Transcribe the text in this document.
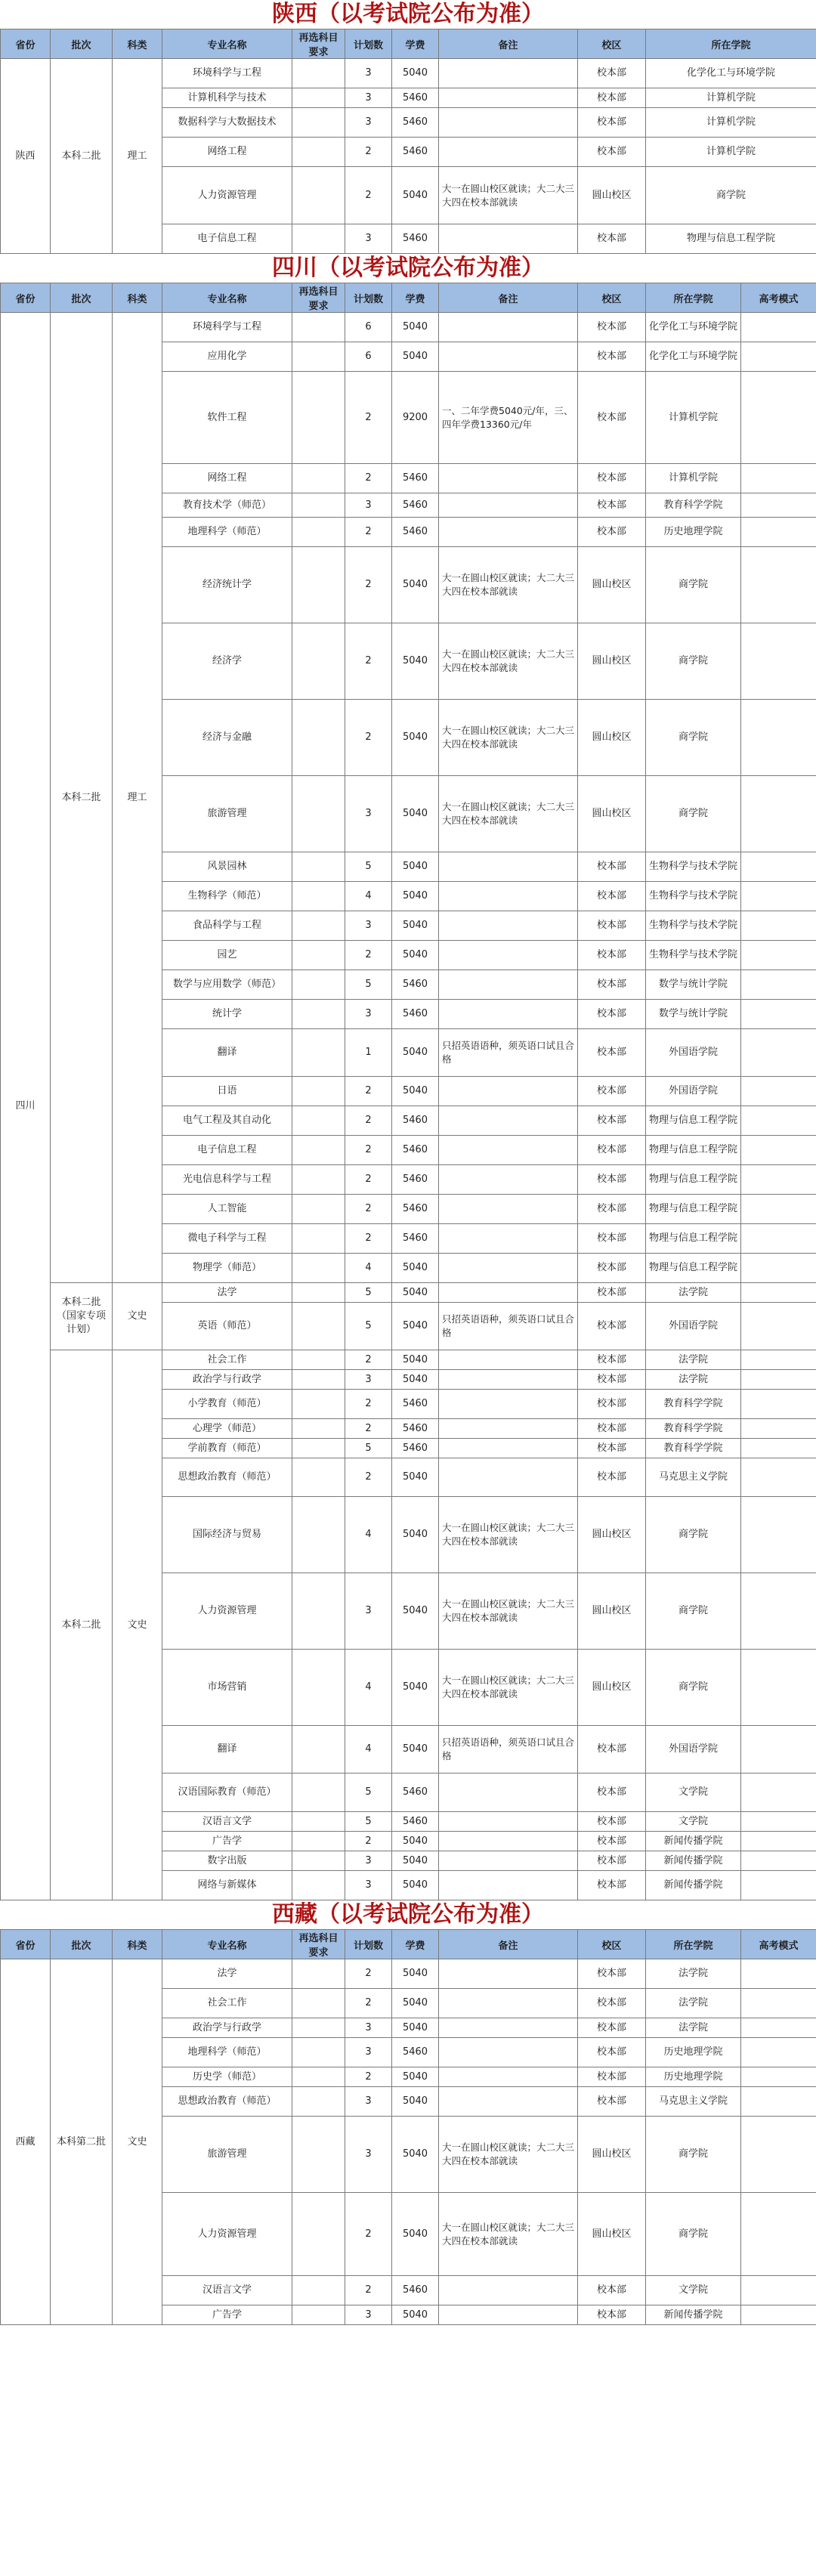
陕西（以考试院公布为准）
省份	批次	科类	专业名称	再选科目要求	计划数	学费	备注	校区	所在学院
陕西	本科二批	理工	环境科学与工程		3	5040		校本部	化学化工与环境学院
			计算机科学与技术		3	5460		校本部	计算机学院
			数据科学与大数据技术		3	5460		校本部	计算机学院
			网络工程		2	5460		校本部	计算机学院
			人力资源管理		2	5040	大一在圆山校区就读；大二大三大四在校本部就读	圆山校区	商学院
			电子信息工程		3	5460		校本部	物理与信息工程学院
四川（以考试院公布为准）
省份	批次	科类	专业名称	再选科目要求	计划数	学费	备注	校区	所在学院	高考模式
四川	本科二批	理工	环境科学与工程		6	5040		校本部	化学化工与环境学院	
			应用化学		6	5040		校本部	化学化工与环境学院	
			软件工程		2	9200	一、二年学费5040元/年，三、四年学费13360元/年	校本部	计算机学院	
			网络工程		2	5460		校本部	计算机学院	
			教育技术学（师范）		3	5460		校本部	教育科学学院	
			地理科学（师范）		2	5460		校本部	历史地理学院	
			经济统计学		2	5040	大一在圆山校区就读；大二大三大四在校本部就读	圆山校区	商学院	
			经济学		2	5040	大一在圆山校区就读；大二大三大四在校本部就读	圆山校区	商学院	
			经济与金融		2	5040	大一在圆山校区就读；大二大三大四在校本部就读	圆山校区	商学院	
			旅游管理		3	5040	大一在圆山校区就读；大二大三大四在校本部就读	圆山校区	商学院	
			风景园林		5	5040		校本部	生物科学与技术学院	
			生物科学（师范）		4	5040		校本部	生物科学与技术学院	
			食品科学与工程		3	5040		校本部	生物科学与技术学院	
			园艺		2	5040		校本部	生物科学与技术学院	
			数学与应用数学（师范）		5	5460		校本部	数学与统计学院	
			统计学		3	5460		校本部	数学与统计学院	
			翻译		1	5040	只招英语语种，须英语口试且合格	校本部	外国语学院	
			日语		2	5040		校本部	外国语学院	
			电气工程及其自动化		2	5460		校本部	物理与信息工程学院	
			电子信息工程		2	5460		校本部	物理与信息工程学院	
			光电信息科学与工程		2	5460		校本部	物理与信息工程学院	
			人工智能		2	5460		校本部	物理与信息工程学院	
			微电子科学与工程		2	5460		校本部	物理与信息工程学院	
			物理学（师范）		4	5040		校本部	物理与信息工程学院	
	本科二批（国家专项计划）	文史	法学		5	5040		校本部	法学院	
			英语（师范）		5	5040	只招英语语种，须英语口试且合格	校本部	外国语学院	
	本科二批	文史	社会工作		2	5040		校本部	法学院	
			政治学与行政学		3	5040		校本部	法学院	
			小学教育（师范）		2	5460		校本部	教育科学学院	
			心理学（师范）		2	5460		校本部	教育科学学院	
			学前教育（师范）		5	5460		校本部	教育科学学院	
			思想政治教育（师范）		2	5040		校本部	马克思主义学院	
			国际经济与贸易		4	5040	大一在圆山校区就读；大二大三大四在校本部就读	圆山校区	商学院	
			人力资源管理		3	5040	大一在圆山校区就读；大二大三大四在校本部就读	圆山校区	商学院	
			市场营销		4	5040	大一在圆山校区就读；大二大三大四在校本部就读	圆山校区	商学院	
			翻译		4	5040	只招英语语种，须英语口试且合格	校本部	外国语学院	
			汉语国际教育（师范）		5	5460		校本部	文学院	
			汉语言文学		5	5460		校本部	文学院	
			广告学		2	5040		校本部	新闻传播学院	
			数字出版		3	5040		校本部	新闻传播学院	
			网络与新媒体		3	5040		校本部	新闻传播学院	
西藏（以考试院公布为准）
省份	批次	科类	专业名称	再选科目要求	计划数	学费	备注	校区	所在学院	高考模式
西藏	本科第二批	文史	法学		2	5040		校本部	法学院	
			社会工作		2	5040		校本部	法学院	
			政治学与行政学		3	5040		校本部	法学院	
			地理科学（师范）		3	5460		校本部	历史地理学院	
			历史学（师范）		2	5040		校本部	历史地理学院	
			思想政治教育（师范）		3	5040		校本部	马克思主义学院	
			旅游管理		3	5040	大一在圆山校区就读；大二大三大四在校本部就读	圆山校区	商学院	
			人力资源管理		2	5040	大一在圆山校区就读；大二大三大四在校本部就读	圆山校区	商学院	
			汉语言文学		2	5460		校本部	文学院	
			广告学		3	5040		校本部	新闻传播学院	
